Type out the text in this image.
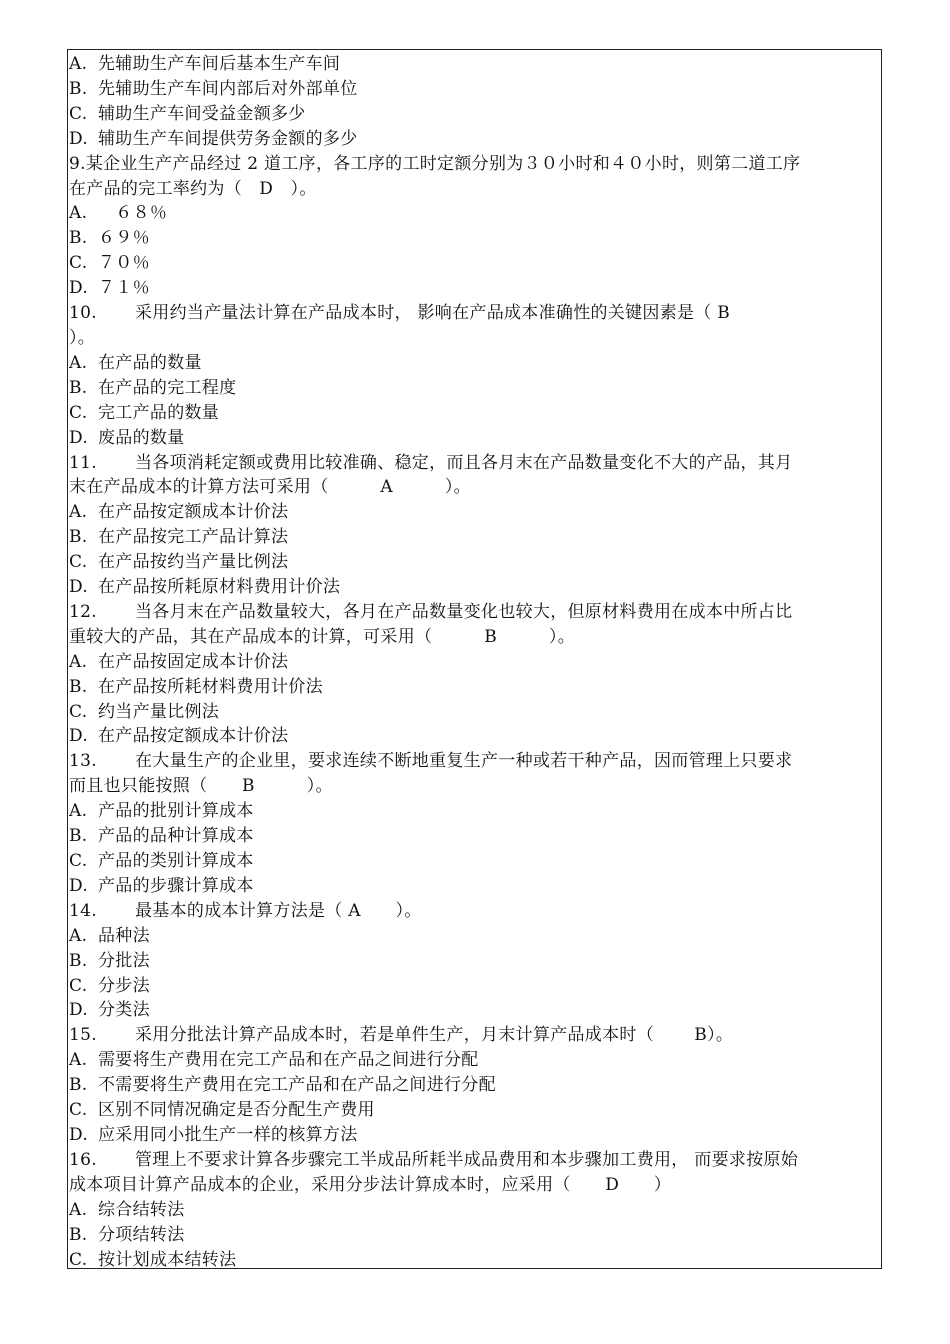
A. 先辅助生产车间后基本生产车间
B. 先辅助生产车间内部后对外部单位
C. 辅助生产车间受益金额多少
D. 辅助生产车间提供劳务金额的多少
9.某企业生产产品经过 2 道工序，各工序的工时定额分别为３０小时和４０小时，则第二道工序
在产品的完工率约为（　D　）。
A.　６８％
B. ６９％
C. ７０％
D. ７１％
10. 采用约当产量法计算在产品成本时， 影响在产品成本准确性的关键因素是（ B
）。
A. 在产品的数量
B. 在产品的完工程度
C. 完工产品的数量
D. 废品的数量
11. 当各项消耗定额或费用比较准确、稳定，而且各月末在产品数量变化不大的产品，其月
末在产品成本的计算方法可采用（　　　A　　　）。
A. 在产品按定额成本计价法
B. 在产品按完工产品计算法
C. 在产品按约当产量比例法
D. 在产品按所耗原材料费用计价法
12. 当各月末在产品数量较大，各月在产品数量变化也较大，但原材料费用在成本中所占比
重较大的产品，其在产品成本的计算，可采用（　　　B　　　）。
A. 在产品按固定成本计价法
B. 在产品按所耗材料费用计价法
C. 约当产量比例法
D. 在产品按定额成本计价法
13. 在大量生产的企业里，要求连续不断地重复生产一种或若干种产品，因而管理上只要求
而且也只能按照（　　B　　　）。
A. 产品的批别计算成本
B. 产品的品种计算成本
C. 产品的类别计算成本
D. 产品的步骤计算成本
14. 最基本的成本计算方法是（ A　　）。
A. 品种法
B. 分批法
C. 分步法
D. 分类法
15. 采用分批法计算产品成本时，若是单件生产，月末计算产品成本时（　　 B）。
A. 需要将生产费用在完工产品和在产品之间进行分配
B. 不需要将生产费用在完工产品和在产品之间进行分配
C. 区别不同情况确定是否分配生产费用
D. 应采用同小批生产一样的核算方法
16. 管理上不要求计算各步骤完工半成品所耗半成品费用和本步骤加工费用， 而要求按原始
成本项目计算产品成本的企业，采用分步法计算成本时，应采用（　　D　　）
A. 综合结转法
B. 分项结转法
C. 按计划成本结转法
